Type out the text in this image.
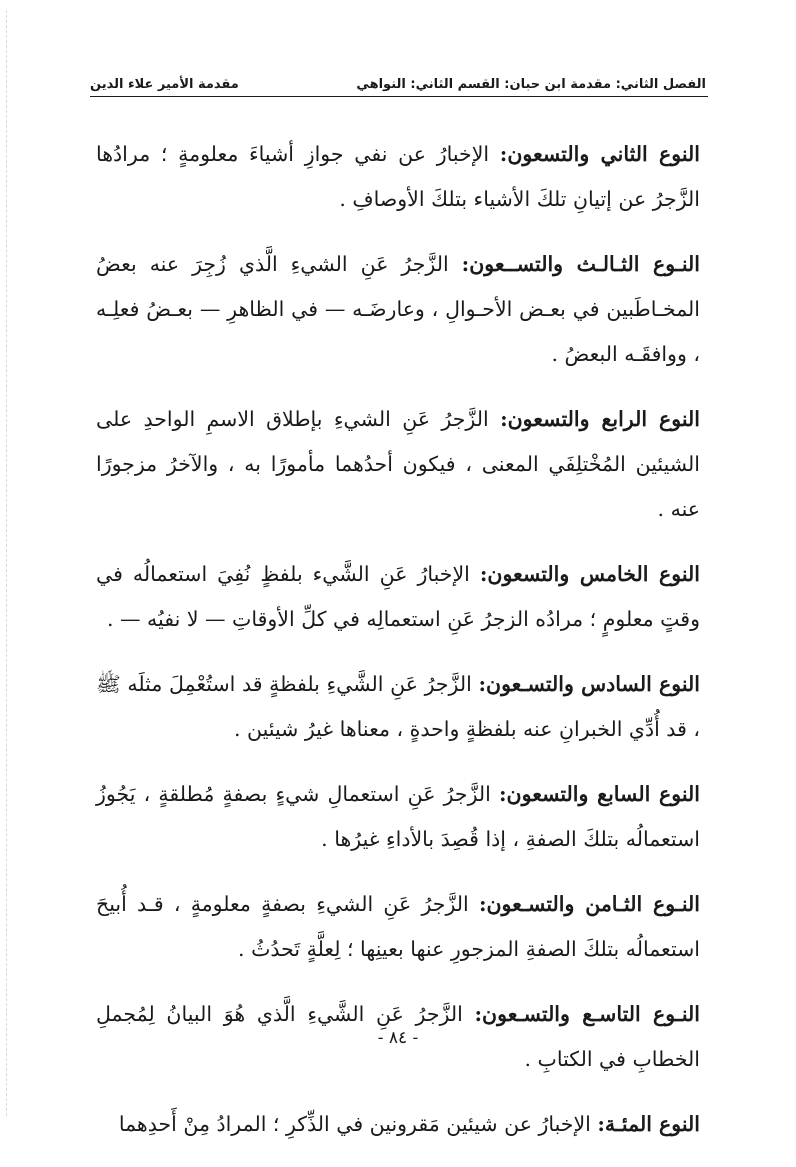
الفصل الثاني: مقدمة ابن حبان: القسم الثاني: النواهي
مقدمة الأمير علاء الدين

النوع الثاني والتسعون: الإخبارُ عن نفي جوازِ أشياءَ معلومةٍ ؛ مرادُها الزَّجرُ عن إتيانِ تلكَ الأشياء بتلكَ الأوصافِ .

النـوع الثـالـث والتســعون: الزَّجرُ عَنِ الشيءِ الَّذي زُجِرَ عنه بعضُ المخـاطَبين في بعـض الأحـوالِ ، وعارضَـه — في الظاهرِ — بعـضُ فعلِـه ، ووافقَـه البعضُ .

النوع الرابع والتسعون: الزَّجرُ عَنِ الشيءِ بإطلاق الاسمِ الواحدِ على الشيئين المُخْتلِفَي المعنى ، فيكون أحدُهما مأمورًا به ، والآخرُ مزجورًا عنه .

النوع الخامس والتسعون: الإخبارُ عَنِ الشَّيء بلفظٍ نُفِيَ استعمالُه في وقتٍ معلومٍ ؛ مرادُه الزجرُ عَنِ استعمالِه في كلِّ الأوقاتِ — لا نفيُه — .

النوع السادس والتسـعون: الزَّجرُ عَنِ الشَّيءِ بلفظةٍ قد استُعْمِلَ مثلَه ﷺ ، قد أُدِّي الخبرانِ عنه بلفظةٍ واحدةٍ ، معناها غيرُ شيئين .

النوع السابع والتسعون: الزَّجرُ عَنِ استعمالِ شيءٍ بصفةٍ مُطلقةٍ ، يَجُوزُ استعمالُه بتلكَ الصفةِ ، إذا قُصِدَ بالأداءِ غيرُها .

النـوع الثـامن والتسـعون: الزَّجرُ عَنِ الشيءِ بصفةٍ معلومةٍ ، قـد أُبيحَ استعمالُه بتلكَ الصفةِ المزجورِ عنها بعينِها ؛ لِعلَّةٍ تَحدُثُ .

النـوع التاسـع والتسـعون: الزَّجرُ عَنِ الشَّيءِ الَّذي هُوَ البيانُ لِمُجملِ الخطابِ في الكتابِ .

النوع المئـة: الإخبارُ عن شيئين مَقرونين في الذِّكرِ ؛ المرادُ مِنْ أَحدِهما

- ٨٤ -
